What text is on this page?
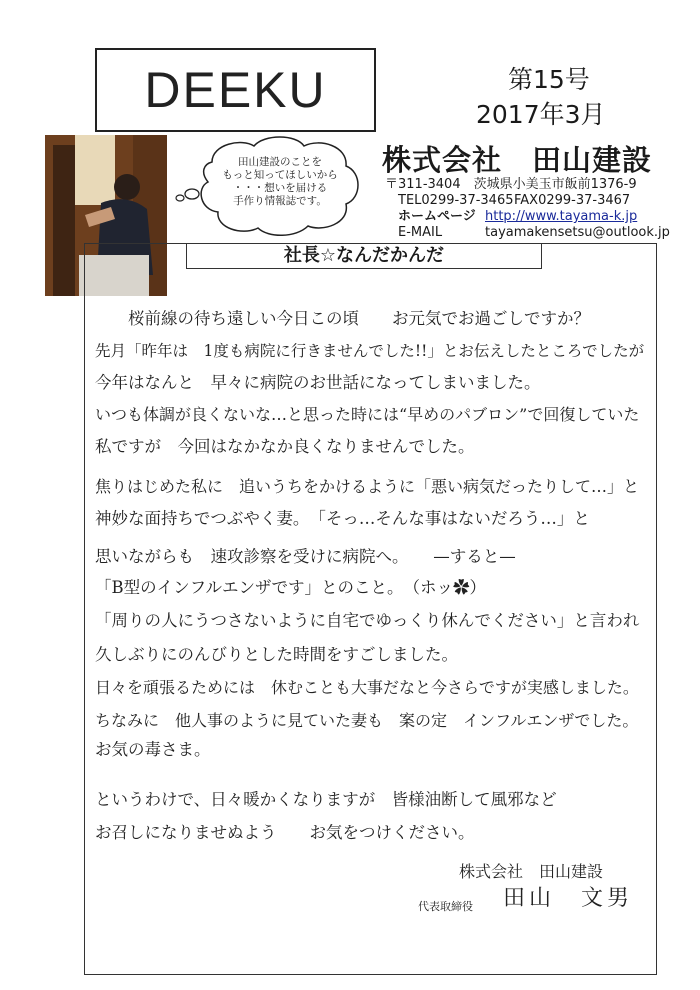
DEEKU	第15号
2017年3月
株式会社　田山建設
〒311-3404　茨城県小美玉市飯前1376-9
TEL0299-37-3465 FAX0299-37-3467
ホームページ http://www.tayama-k.jp
E-MAIL	tayamakensetsu@outlook.jp
田山建設のことを
もっと知ってほしいから
・・・想いを届ける
手作り情報誌です。
社長☆なんだかんだ
桜前線の待ち遠しい今日この頃　　お元気でお過ごしですか？
先月「昨年は　1度も病院に行きませんでした!!」とお伝えしたところでしたが
今年はなんと　早々に病院のお世話になってしまいました。
いつも体調が良くないな…と思った時には“早めのパブロン”で回復していた
私ですが　今回はなかなか良くなりませんでした。
焦りはじめた私に　追いうちをかけるように「悪い病気だったりして…」と
神妙な面持ちでつぶやく妻。　「そっ…そんな事はないだろう…」と
思いながらも　速攻診察を受けに病院へ。　　—すると—
「B型のインフルエンザです」とのこと。　（ホッ✿）
「周りの人にうつさないように自宅でゆっくり休んでください」と言われ
久しぶりにのんびりとした時間をすごしました。
日々を頑張るためには　休むことも大事だなと今さらですが実感しました。
ちなみに　他人事のように見ていた妻も　案の定　インフルエンザでした。
お気の毒さま。
というわけで、日々暖かくなりますが　皆様油断して風邪など
お召しになりませぬよう　　お気をつけください。
株式会社　田山建設
代表取締役 田山　文男
